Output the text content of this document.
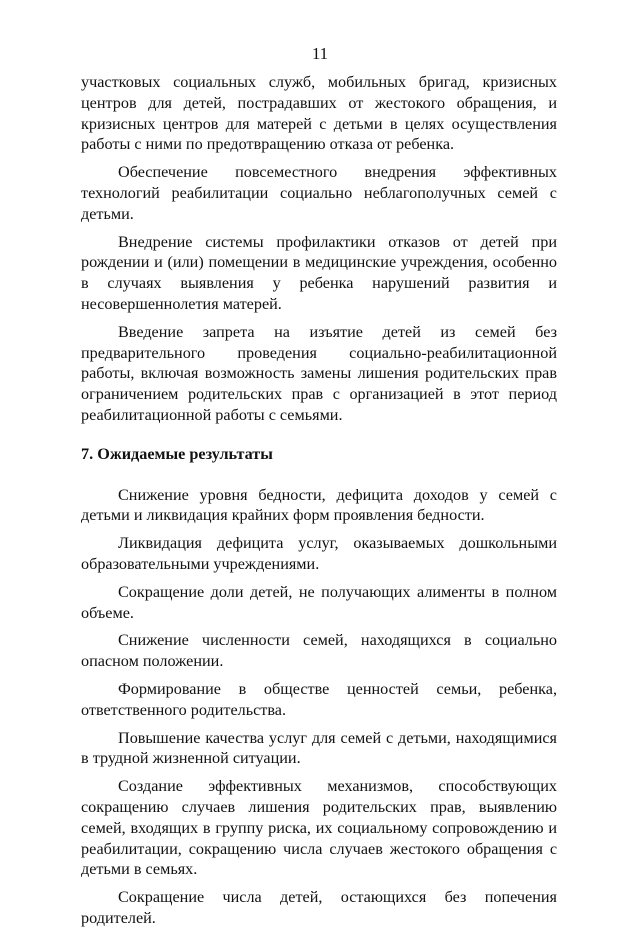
11

участковых социальных служб, мобильных бригад, кризисных центров для детей, пострадавших от жестокого обращения, и кризисных центров для матерей с детьми в целях осуществления работы с ними по предотвращению отказа от ребенка.

Обеспечение повсеместного внедрения эффективных технологий реабилитации социально неблагополучных семей с детьми.

Внедрение системы профилактики отказов от детей при рождении и (или) помещении в медицинские учреждения, особенно в случаях выявления у ребенка нарушений развития и несовершеннолетия матерей.

Введение запрета на изъятие детей из семей без предварительного проведения социально-реабилитационной работы, включая возможность замены лишения родительских прав ограничением родительских прав с организацией в этот период реабилитационной работы с семьями.

7. Ожидаемые результаты

Снижение уровня бедности, дефицита доходов у семей с детьми и ликвидация крайних форм проявления бедности.

Ликвидация дефицита услуг, оказываемых дошкольными образовательными учреждениями.

Сокращение доли детей, не получающих алименты в полном объеме.

Снижение численности семей, находящихся в социально опасном положении.

Формирование в обществе ценностей семьи, ребенка, ответственного родительства.

Повышение качества услуг для семей с детьми, находящимися в трудной жизненной ситуации.

Создание эффективных механизмов, способствующих сокращению случаев лишения родительских прав, выявлению семей, входящих в группу риска, их социальному сопровождению и реабилитации, сокращению числа случаев жестокого обращения с детьми в семьях.

Сокращение числа детей, остающихся без попечения родителей.
